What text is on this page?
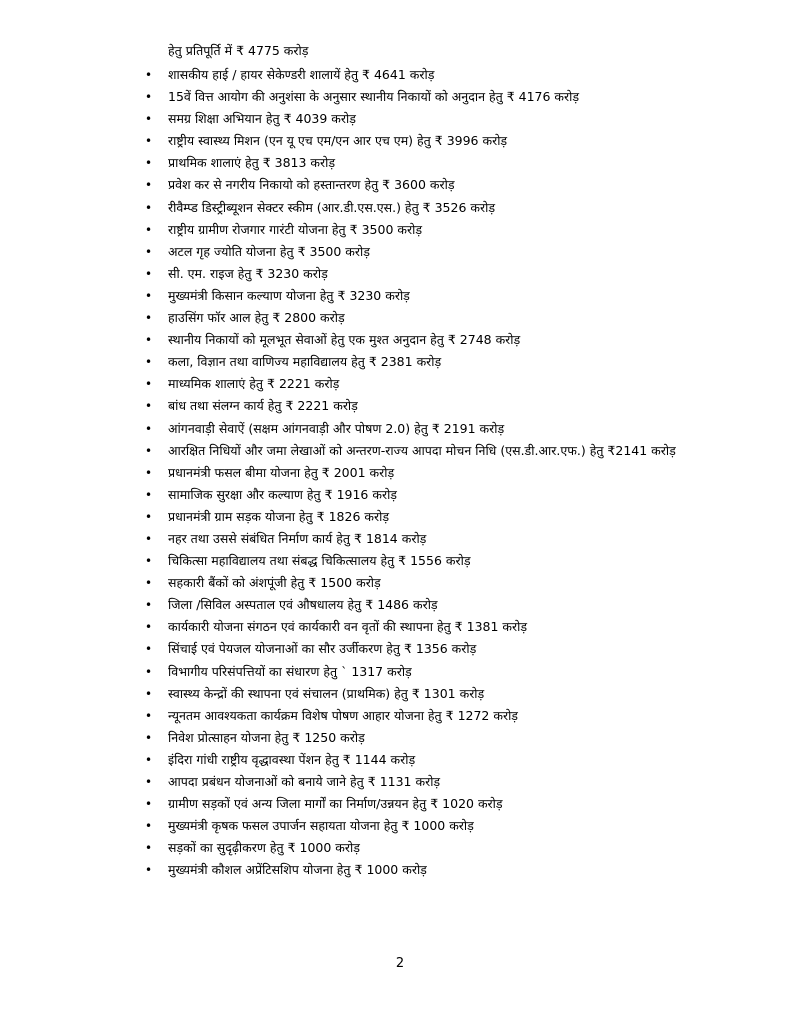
हेतु प्रतिपूर्ति में ₹ 4775 करोड़
• शासकीय हाई / हायर सेकेण्डरी शालायें हेतु ₹ 4641 करोड़
• 15वें वित्त आयोग की अनुशंसा के अनुसार स्थानीय निकायों को अनुदान हेतु ₹ 4176 करोड़
• समग्र शिक्षा अभियान हेतु ₹ 4039 करोड़
• राष्ट्रीय स्वास्थ्य मिशन (एन यू एच एम/एन आर एच एम) हेतु ₹ 3996 करोड़
• प्राथमिक शालाएं हेतु ₹ 3813 करोड़
• प्रवेश कर से नगरीय निकायो को हस्तान्तरण हेतु ₹ 3600 करोड़
• रीवैम्प्ड डिस्ट्रीब्यूशन सेक्टर स्कीम (आर.डी.एस.एस.) हेतु ₹ 3526 करोड़
• राष्ट्रीय ग्रामीण रोजगार गारंटी योजना हेतु ₹ 3500 करोड़
• अटल गृह ज्योति योजना हेतु ₹ 3500 करोड़
• सी. एम. राइज हेतु ₹ 3230 करोड़
• मुख्यमंत्री किसान कल्याण योजना हेतु ₹ 3230 करोड़
• हाउसिंग फॉर आल हेतु ₹ 2800 करोड़
• स्थानीय निकायों को मूलभूत सेवाओं हेतु एक मुश्त अनुदान हेतु ₹ 2748 करोड़
• कला, विज्ञान तथा वाणिज्य महाविद्यालय हेतु ₹ 2381 करोड़
• माध्यमिक शालाएं हेतु ₹ 2221 करोड़
• बांध तथा संलग्न कार्य हेतु ₹ 2221 करोड़
• आंगनवाड़ी सेवाऐं (सक्षम आंगनवाड़ी और पोषण 2.0) हेतु ₹ 2191 करोड़
• आरक्षित निधियों और जमा लेखाओं को अन्तरण-राज्य आपदा मोचन निधि (एस.डी.आर.एफ.) हेतु ₹2141 करोड़
• प्रधानमंत्री फसल बीमा योजना हेतु ₹ 2001 करोड़
• सामाजिक सुरक्षा और कल्याण हेतु ₹ 1916 करोड़
• प्रधानमंत्री ग्राम सड़क योजना हेतु ₹ 1826 करोड़
• नहर तथा उससे संबंधित निर्माण कार्य हेतु ₹ 1814 करोड़
• चिकित्सा महाविद्यालय तथा संबद्ध चिकित्सालय हेतु ₹ 1556 करोड़
• सहकारी बैंकों को अंशपूंजी हेतु ₹ 1500 करोड़
• जिला /सिविल अस्पताल एवं औषधालय हेतु ₹ 1486 करोड़
• कार्यकारी योजना संगठन एवं कार्यकारी वन वृतों की स्थापना हेतु ₹ 1381 करोड़
• सिंचाई एवं पेयजल योजनाओं का सौर उर्जीकरण हेतु ₹ 1356 करोड़
• विभागीय परिसंपत्तियों का संधारण हेतु ` 1317 करोड़
• स्वास्थ्य केन्द्रों की स्थापना एवं संचालन (प्राथमिक) हेतु ₹ 1301 करोड़
• न्यूनतम आवश्यकता कार्यक्रम विशेष पोषण आहार योजना हेतु ₹ 1272 करोड़
• निवेश प्रोत्साहन योजना हेतु ₹ 1250 करोड़
• इंदिरा गांधी राष्ट्रीय वृद्धावस्था पेंशन हेतु ₹ 1144 करोड़
• आपदा प्रबंधन योजनाओं को बनाये जाने हेतु ₹ 1131 करोड़
• ग्रामीण सड़कों एवं अन्य जिला मार्गों का निर्माण/उन्नयन हेतु ₹ 1020 करोड़
• मुख्यमंत्री कृषक फसल उपार्जन सहायता योजना हेतु ₹ 1000 करोड़
• सड़कों का सुदृढ़ीकरण हेतु ₹ 1000 करोड़
• मुख्यमंत्री कौशल अप्रेंटिसशिप योजना हेतु ₹ 1000 करोड़
2
